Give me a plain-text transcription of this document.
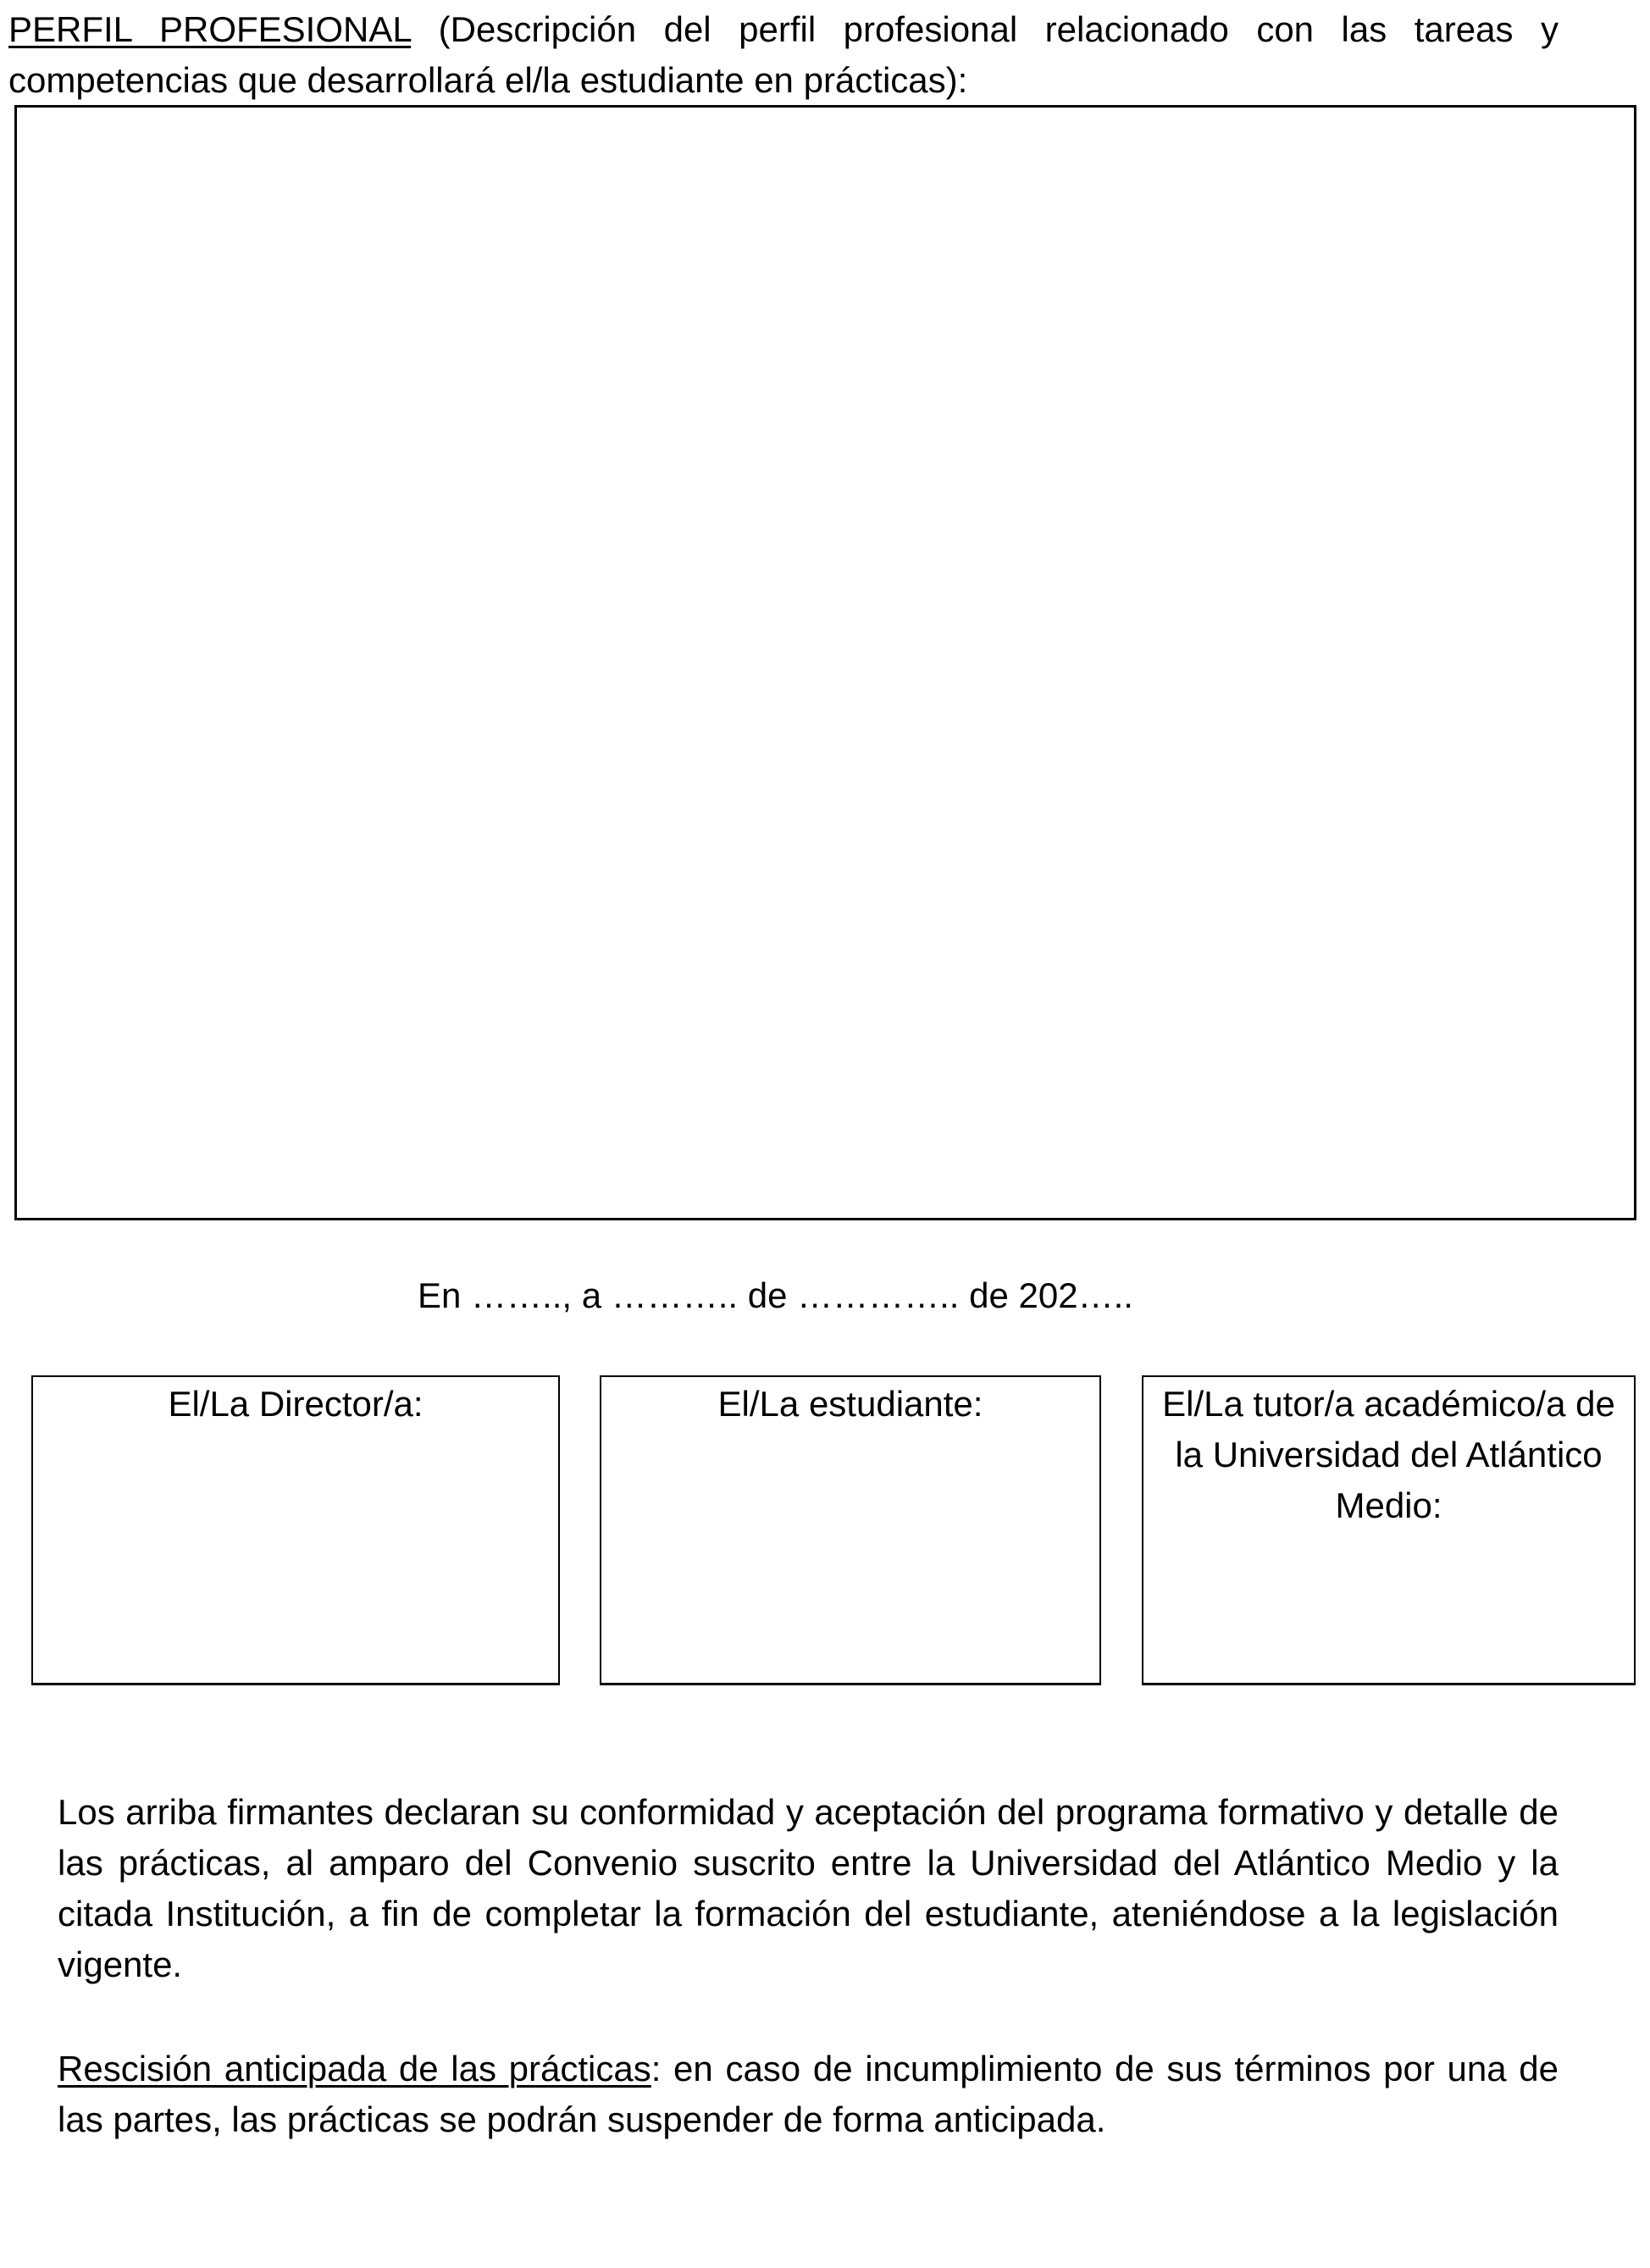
PERFIL PROFESIONAL (Descripción del perfil profesional relacionado con las tareas y competencias que desarrollará el/la estudiante en prácticas):
En …….., a ……….. de ………….. de 202…..
El/La Director/a:	El/La estudiante:	El/La tutor/a académico/a de la Universidad del Atlántico Medio:
Los arriba firmantes declaran su conformidad y aceptación del programa formativo y detalle de las prácticas, al amparo del Convenio suscrito entre la Universidad del Atlántico Medio y la citada Institución, a fin de completar la formación del estudiante, ateniéndose a la legislación vigente.
Rescisión anticipada de las prácticas: en caso de incumplimiento de sus términos por una de las partes, las prácticas se podrán suspender de forma anticipada.
